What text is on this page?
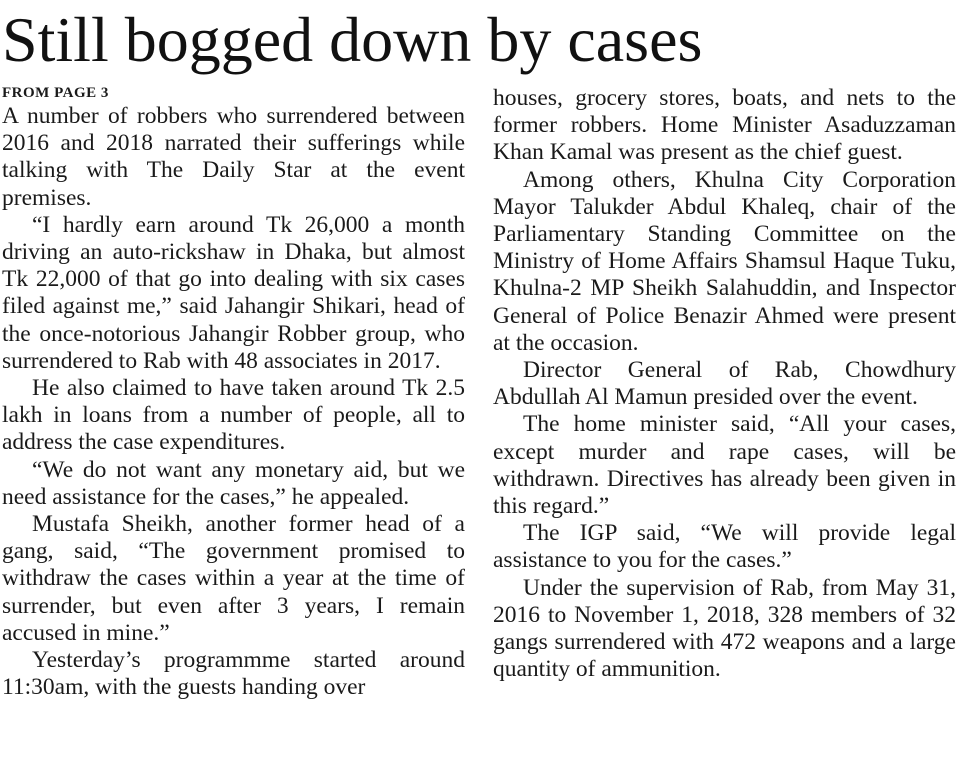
Still bogged down by cases
FROM PAGE 3

A number of robbers who surrendered between 2016 and 2018 narrated their sufferings while talking with The Daily Star at the event premises.

“I hardly earn around Tk 26,000 a month driving an auto-rickshaw in Dhaka, but almost Tk 22,000 of that go into dealing with six cases filed against me,” said Jahangir Shikari, head of the once-notorious Jahangir Robber group, who surrendered to Rab with 48 associates in 2017.

He also claimed to have taken around Tk 2.5 lakh in loans from a number of people, all to address the case expenditures.

“We do not want any monetary aid, but we need assistance for the cases,” he appealed.

Mustafa Sheikh, another former head of a gang, said, “The government promised to withdraw the cases within a year at the time of surrender, but even after 3 years, I remain accused in mine.”

Yesterday’s programmme started around 11:30am, with the guests handing over

houses, grocery stores, boats, and nets to the former robbers. Home Minister Asaduzzaman Khan Kamal was present as the chief guest.

Among others, Khulna City Corporation Mayor Talukder Abdul Khaleq, chair of the Parliamentary Standing Committee on the Ministry of Home Affairs Shamsul Haque Tuku, Khulna-2 MP Sheikh Salahuddin, and Inspector General of Police Benazir Ahmed were present at the occasion.

Director General of Rab, Chowdhury Abdullah Al Mamun presided over the event.

The home minister said, “All your cases, except murder and rape cases, will be withdrawn. Directives has already been given in this regard.”

The IGP said, “We will provide legal assistance to you for the cases.”

Under the supervision of Rab, from May 31, 2016 to November 1, 2018, 328 members of 32 gangs surrendered with 472 weapons and a large quantity of ammunition.
